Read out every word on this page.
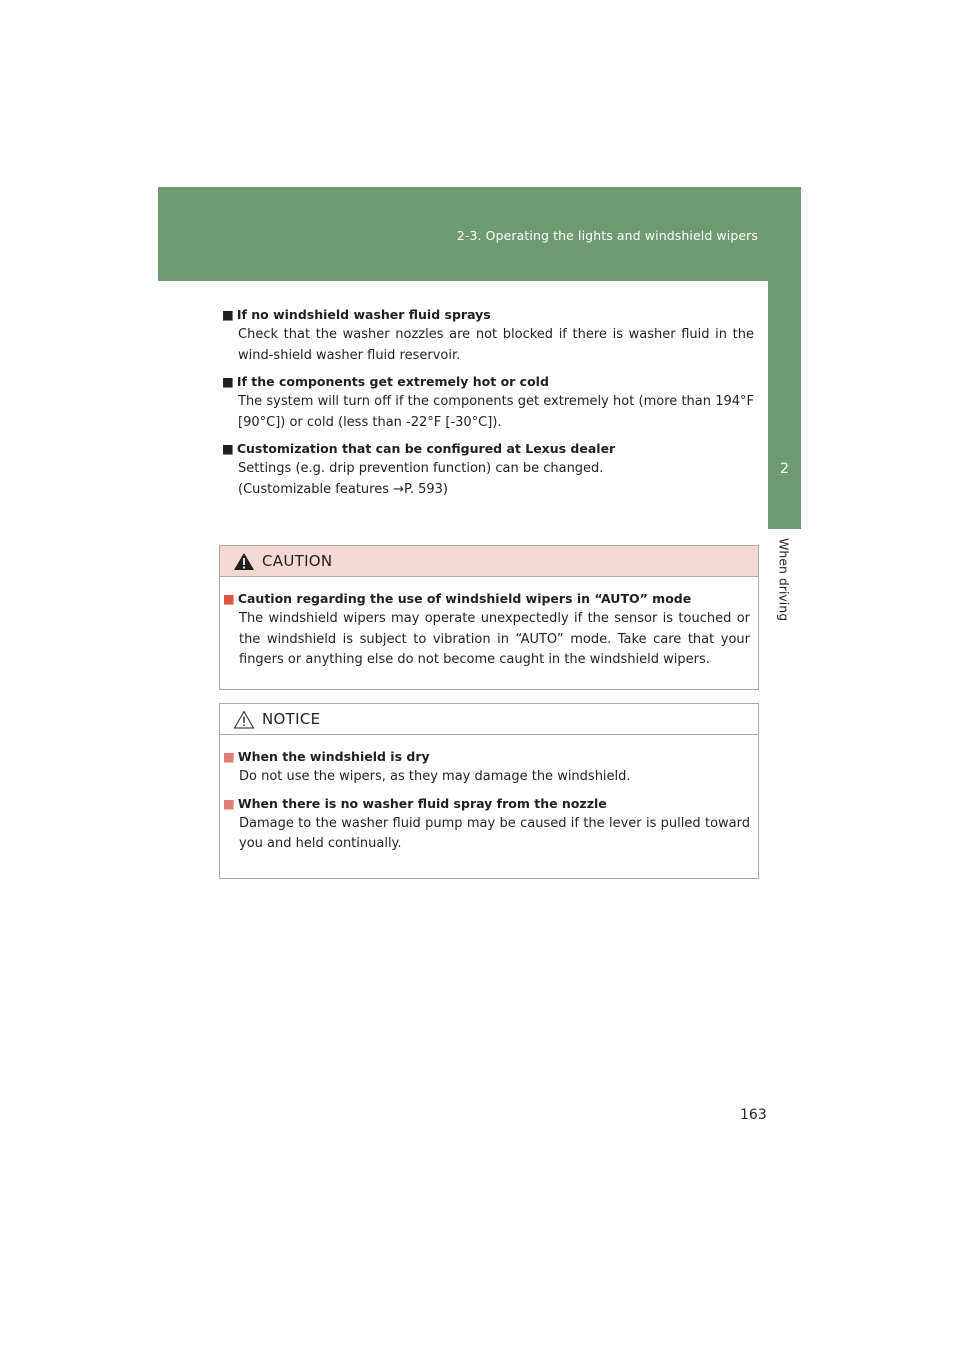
2-3. Operating the lights and windshield wipers
2
When driving
■ If no windshield washer fluid sprays
Check that the washer nozzles are not blocked if there is washer fluid in the wind-shield washer fluid reservoir.
■ If the components get extremely hot or cold
The system will turn off if the components get extremely hot (more than 194°F [90°C]) or cold (less than -22°F [-30°C]).
■ Customization that can be configured at Lexus dealer
Settings (e.g. drip prevention function) can be changed.
(Customizable features →P. 593)
CAUTION
■ Caution regarding the use of windshield wipers in “AUTO” mode
The windshield wipers may operate unexpectedly if the sensor is touched or the windshield is subject to vibration in “AUTO” mode. Take care that your fingers or anything else do not become caught in the windshield wipers.
NOTICE
■ When the windshield is dry
Do not use the wipers, as they may damage the windshield.
■ When there is no washer fluid spray from the nozzle
Damage to the washer fluid pump may be caused if the lever is pulled toward you and held continually.
163
